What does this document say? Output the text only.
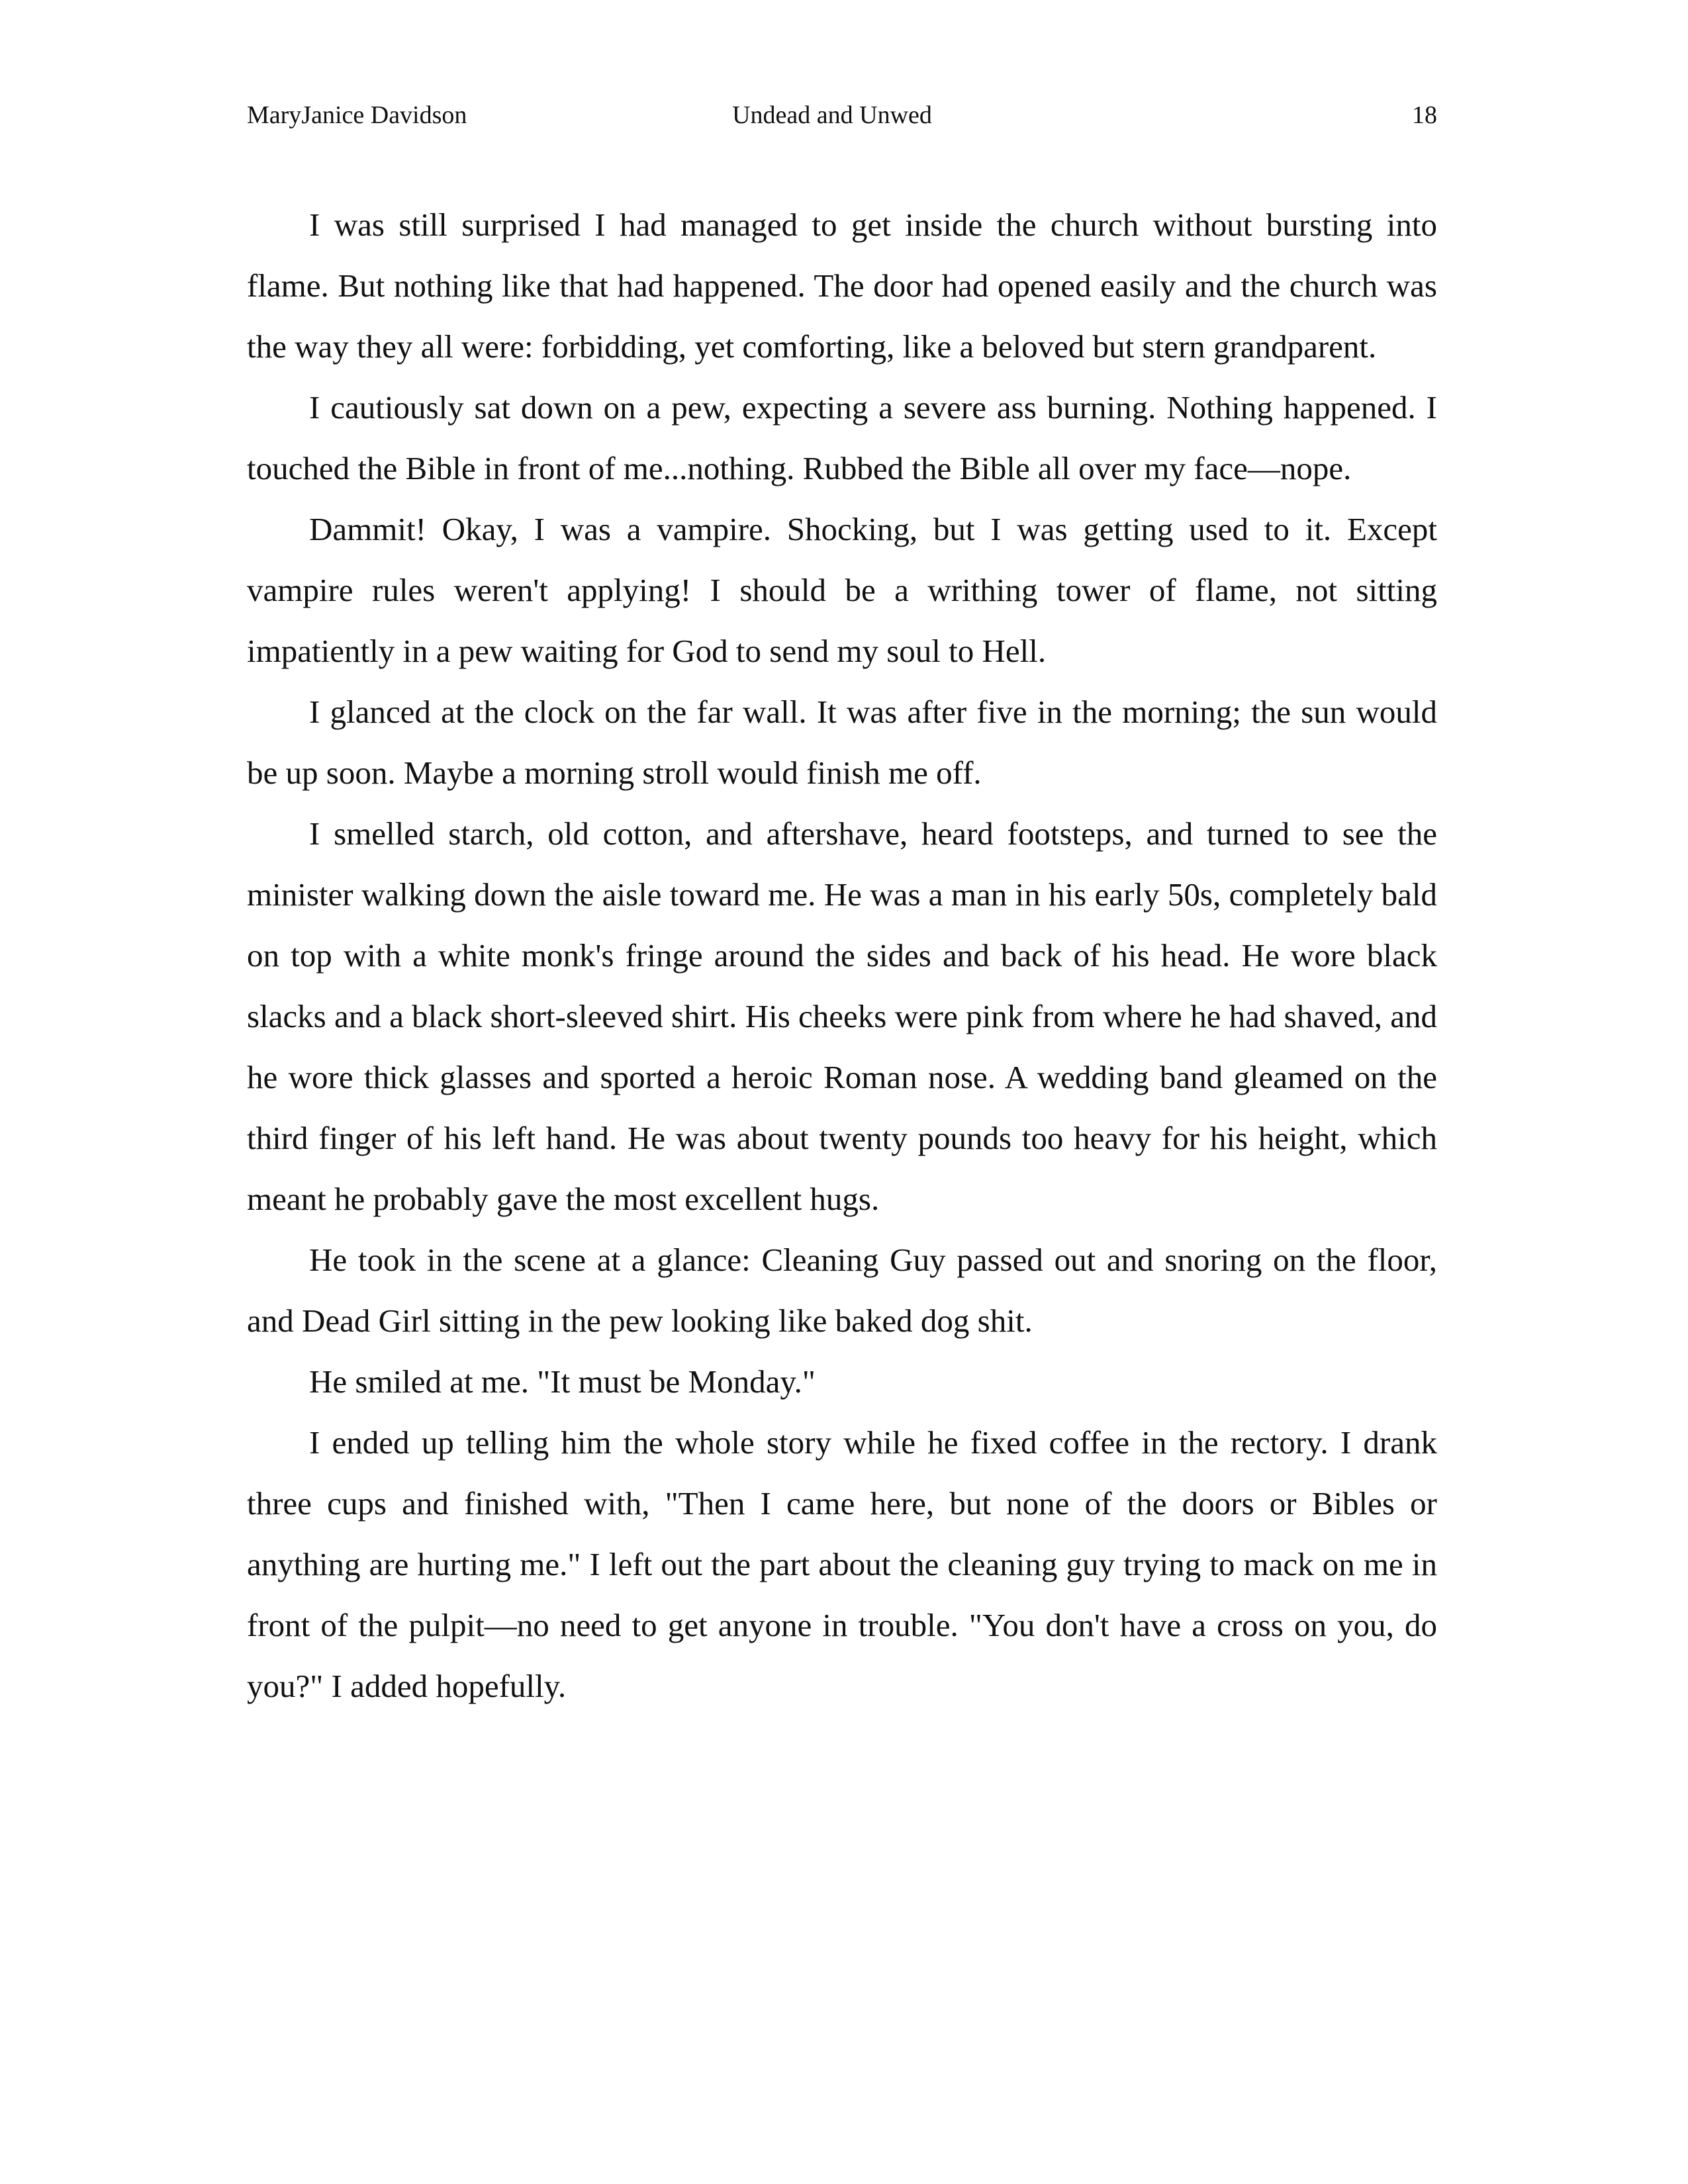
MaryJanice Davidson	Undead and Unwed	18

I was still surprised I had managed to get inside the church without bursting into flame. But nothing like that had happened. The door had opened easily and the church was the way they all were: forbidding, yet comforting, like a beloved but stern grandparent.

I cautiously sat down on a pew, expecting a severe ass burning. Nothing happened. I touched the Bible in front of me...nothing. Rubbed the Bible all over my face—nope.

Dammit! Okay, I was a vampire. Shocking, but I was getting used to it. Except vampire rules weren't applying! I should be a writhing tower of flame, not sitting impatiently in a pew waiting for God to send my soul to Hell.

I glanced at the clock on the far wall. It was after five in the morning; the sun would be up soon. Maybe a morning stroll would finish me off.

I smelled starch, old cotton, and aftershave, heard footsteps, and turned to see the minister walking down the aisle toward me. He was a man in his early 50s, completely bald on top with a white monk's fringe around the sides and back of his head. He wore black slacks and a black short-sleeved shirt. His cheeks were pink from where he had shaved, and he wore thick glasses and sported a heroic Roman nose. A wedding band gleamed on the third finger of his left hand. He was about twenty pounds too heavy for his height, which meant he probably gave the most excellent hugs.

He took in the scene at a glance: Cleaning Guy passed out and snoring on the floor, and Dead Girl sitting in the pew looking like baked dog shit.

He smiled at me. "It must be Monday."

I ended up telling him the whole story while he fixed coffee in the rectory. I drank three cups and finished with, "Then I came here, but none of the doors or Bibles or anything are hurting me." I left out the part about the cleaning guy trying to mack on me in front of the pulpit—no need to get anyone in trouble. "You don't have a cross on you, do you?" I added hopefully.
